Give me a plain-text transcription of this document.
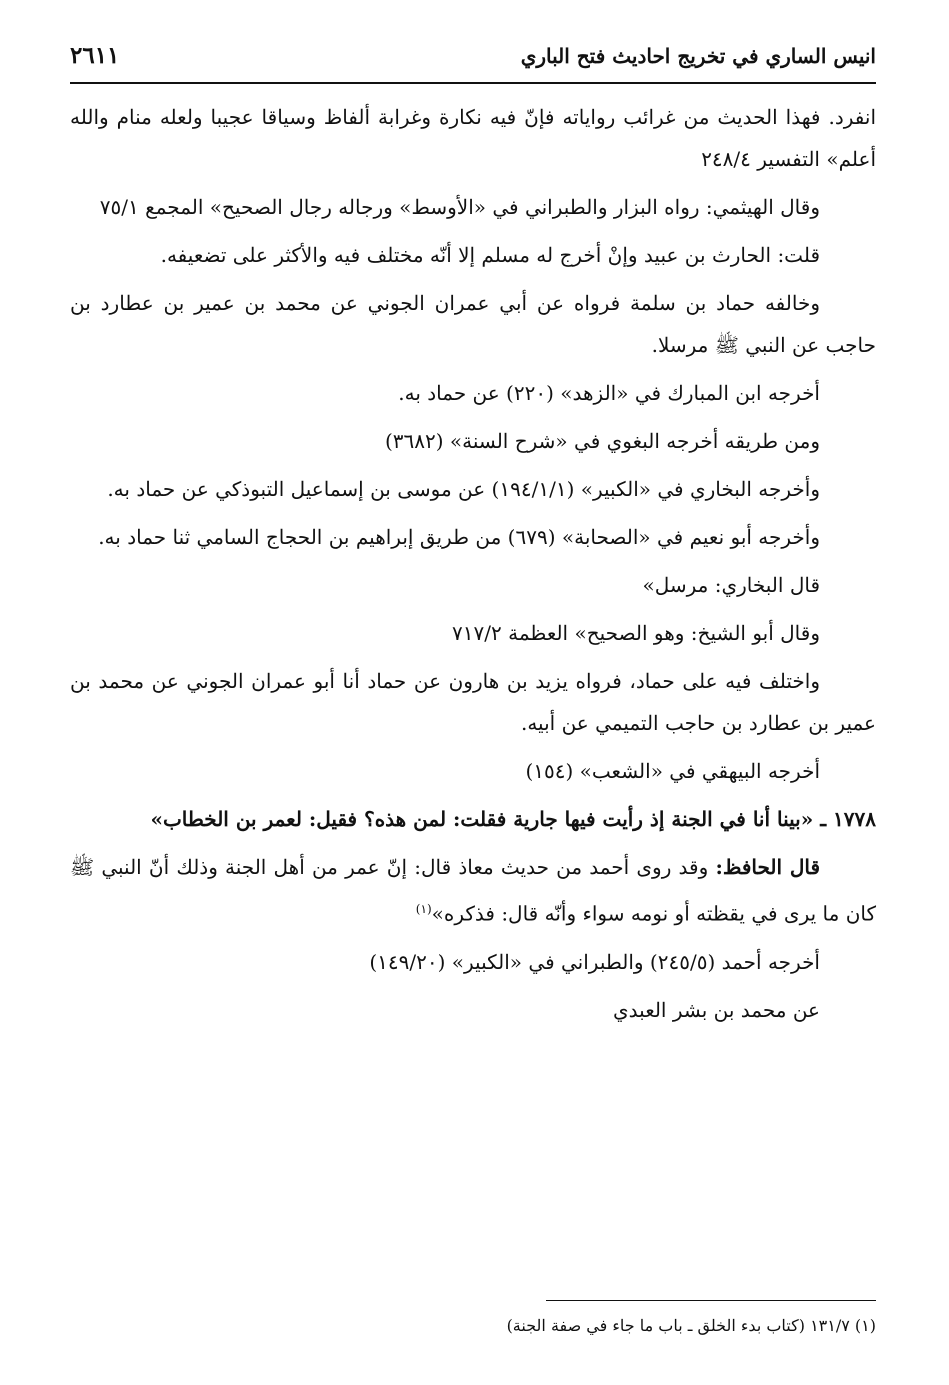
انيس الساري في تخريج احاديث فتح الباري
٢٦١١

انفرد. فهذا الحديث من غرائب رواياته فإنّ فيه نكارة وغرابة ألفاظ وسياقا عجيبا ولعله منام والله أعلم» التفسير ٢٤٨/٤

وقال الهيثمي: رواه البزار والطبراني في «الأوسط» ورجاله رجال الصحيح» المجمع ٧٥/١

قلت: الحارث بن عبيد وإنْ أخرج له مسلم إلا أنّه مختلف فيه والأكثر على تضعيفه.

وخالفه حماد بن سلمة فرواه عن أبي عمران الجوني عن محمد بن عمير بن عطارد بن حاجب عن النبي ﷺ مرسلا.

أخرجه ابن المبارك في «الزهد» (٢٢٠) عن حماد به.

ومن طريقه أخرجه البغوي في «شرح السنة» (٣٦٨٢)

وأخرجه البخاري في «الكبير» (١٩٤/١/١) عن موسى بن إسماعيل التبوذكي عن حماد به.

وأخرجه أبو نعيم في «الصحابة» (٦٧٩) من طريق إبراهيم بن الحجاج السامي ثنا حماد به.

قال البخاري: مرسل»

وقال أبو الشيخ: وهو الصحيح» العظمة ٧١٧/٢

واختلف فيه على حماد، فرواه يزيد بن هارون عن حماد أنا أبو عمران الجوني عن محمد بن عمير بن عطارد بن حاجب التميمي عن أبيه.

أخرجه البيهقي في «الشعب» (١٥٤)

١٧٧٨ ـ «بينا أنا في الجنة إذ رأيت فيها جارية فقلت: لمن هذه؟ فقيل: لعمر بن الخطاب»

قال الحافظ: وقد روى أحمد من حديث معاذ قال: إنّ عمر من أهل الجنة وذلك أنّ النبي ﷺ كان ما يرى في يقظته أو نومه سواء وأنّه قال: فذكره»$^{(١)}$

أخرجه أحمد (٢٤٥/٥) والطبراني في «الكبير» (١٤٩/٢٠)

عن محمد بن بشر العبدي

(١) ١٣١/٧ (كتاب بدء الخلق ـ باب ما جاء في صفة الجنة)
